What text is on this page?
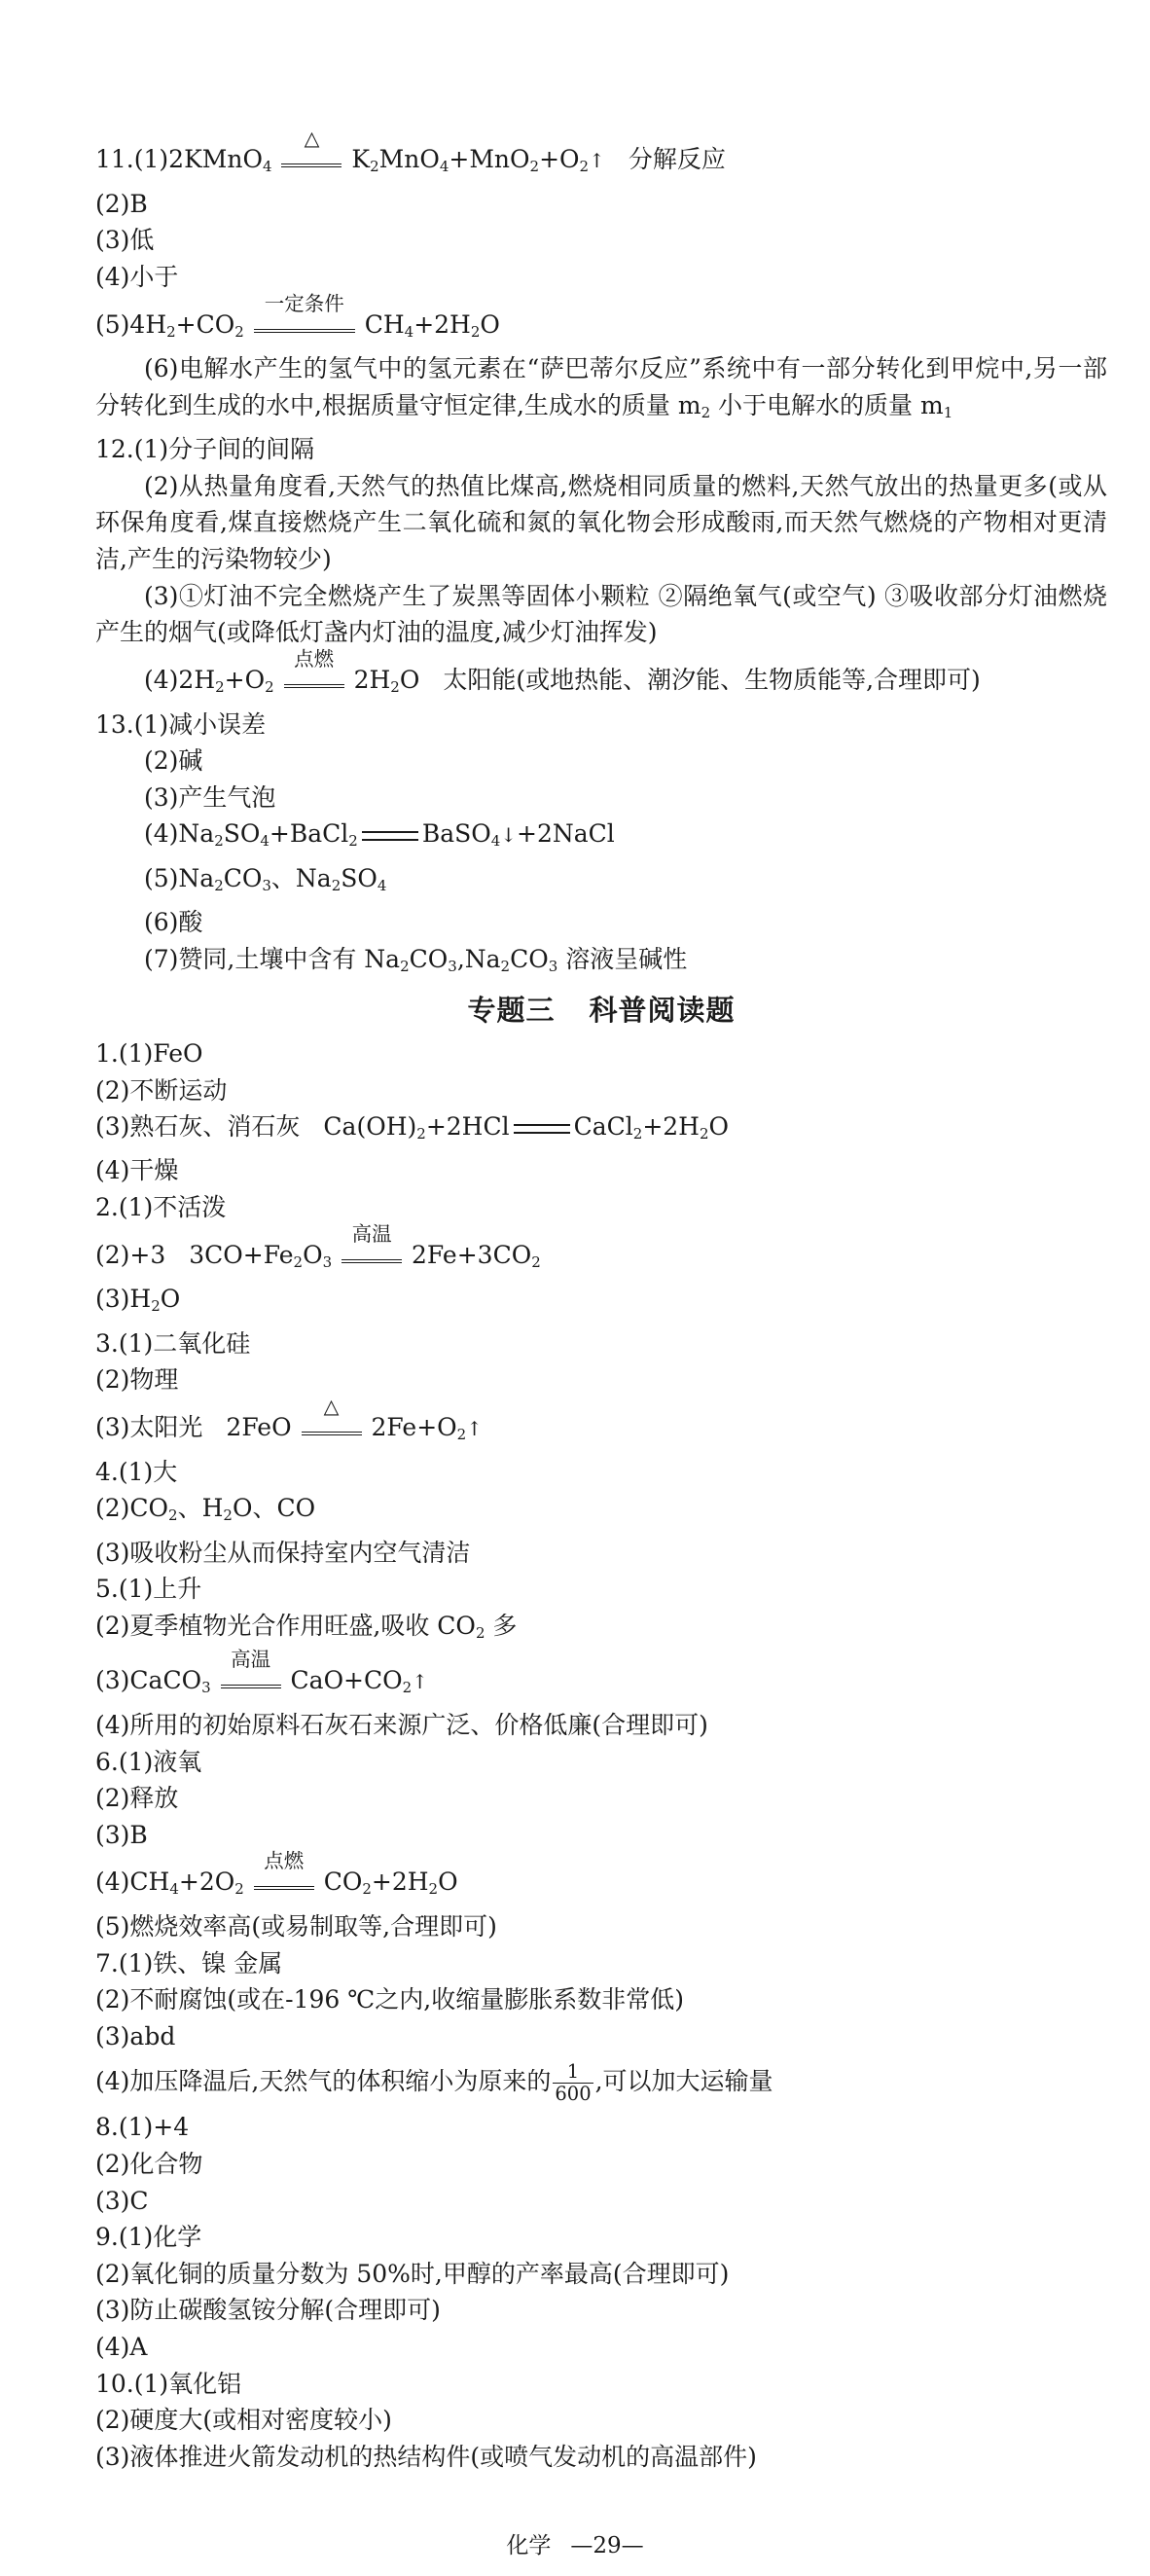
11.(1)2KMnO$_4$
△
$K_2MnO_4+MnO_2+O_2↑$ 分解反应
(2)B
(3)低
(4)小于
$(5)4H_2+CO_2$
一定条件
$CH_4+2H_2O$
(6)电解水产生的氢气中的氢元素在“萨巴蒂尔反应”系统中有一部分转化到甲烷中,另一部分转化到生成的水中,根据质量守恒定律,生成水的质量 $m_2$ 小于电解水的质量 $m_1$
12.(1)分子间的间隔
(2)从热量角度看,天然气的热值比煤高,燃烧相同质量的燃料,天然气放出的热量更多(或从环保角度看,煤直接燃烧产生二氧化硫和氮的氧化物会形成酸雨,而天然气燃烧的产物相对更清洁,产生的污染物较少)
(3)①灯油不完全燃烧产生了炭黑等固体小颗粒 ②隔绝氧气(或空气) ③吸收部分灯油燃烧产生的烟气(或降低灯盏内灯油的温度,减少灯油挥发)
$(4)2H_2+O_2$
点燃
$2H_2O$ 太阳能(或地热能、潮汐能、生物质能等,合理即可)
13.(1)减小误差
(2)碱
(3)产生气泡
$(4)Na_2SO_4+BaCl_2$	BaSO$_4$↓+2NaCl
$(5)Na_2CO_3$、$Na_2SO_4$
(6)酸
(7)赞同,土壤中含有 $Na_2CO_3,Na_2CO_3$ 溶液呈碱性
专题三 科普阅读题
1.(1)FeO
(2)不断运动
(3)熟石灰、消石灰 $Ca(OH)_2+2HCl$	$CaCl_2+2H_2O$
(4)干燥
2.(1)不活泼
(2)+3 $3CO+Fe_2O_3$
高温
$2Fe+3CO_2$
$(3)H_2O$
3.(1)二氧化硅
(2)物理
(3)太阳光 2FeO
△
$2Fe+O_2↑$
4.(1)大
$(2)CO_2$、$H_2O$、CO
(3)吸收粉尘从而保持室内空气清洁
5.(1)上升
(2)夏季植物光合作用旺盛,吸收 $CO_2$ 多
(3)CaCO$_3$
高温
$CaO+CO_2↑$
(4)所用的初始原料石灰石来源广泛、价格低廉(合理即可)
6.(1)液氧
(2)释放
(3)B
$(4)CH_4+2O_2$
点燃
$CO_2+2H_2O$
(5)燃烧效率高(或易制取等,合理即可)
7.(1)铁、镍 金属
(2)不耐腐蚀(或在-196 ℃之内,收缩量膨胀系数非常低)
(3)abd
(4)加压降温后,天然气的体积缩小为原来的 $\frac{1}{600}$ ,可以加大运输量
8.(1)+4
(2)化合物
(3)C
9.(1)化学
(2)氧化铜的质量分数为 50%时,甲醇的产率最高(合理即可)
(3)防止碳酸氢铵分解(合理即可)
(4)A
10.(1)氧化铝
(2)硬度大(或相对密度较小)
(3)液体推进火箭发动机的热结构件(或喷气发动机的高温部件)
化学 —29—
